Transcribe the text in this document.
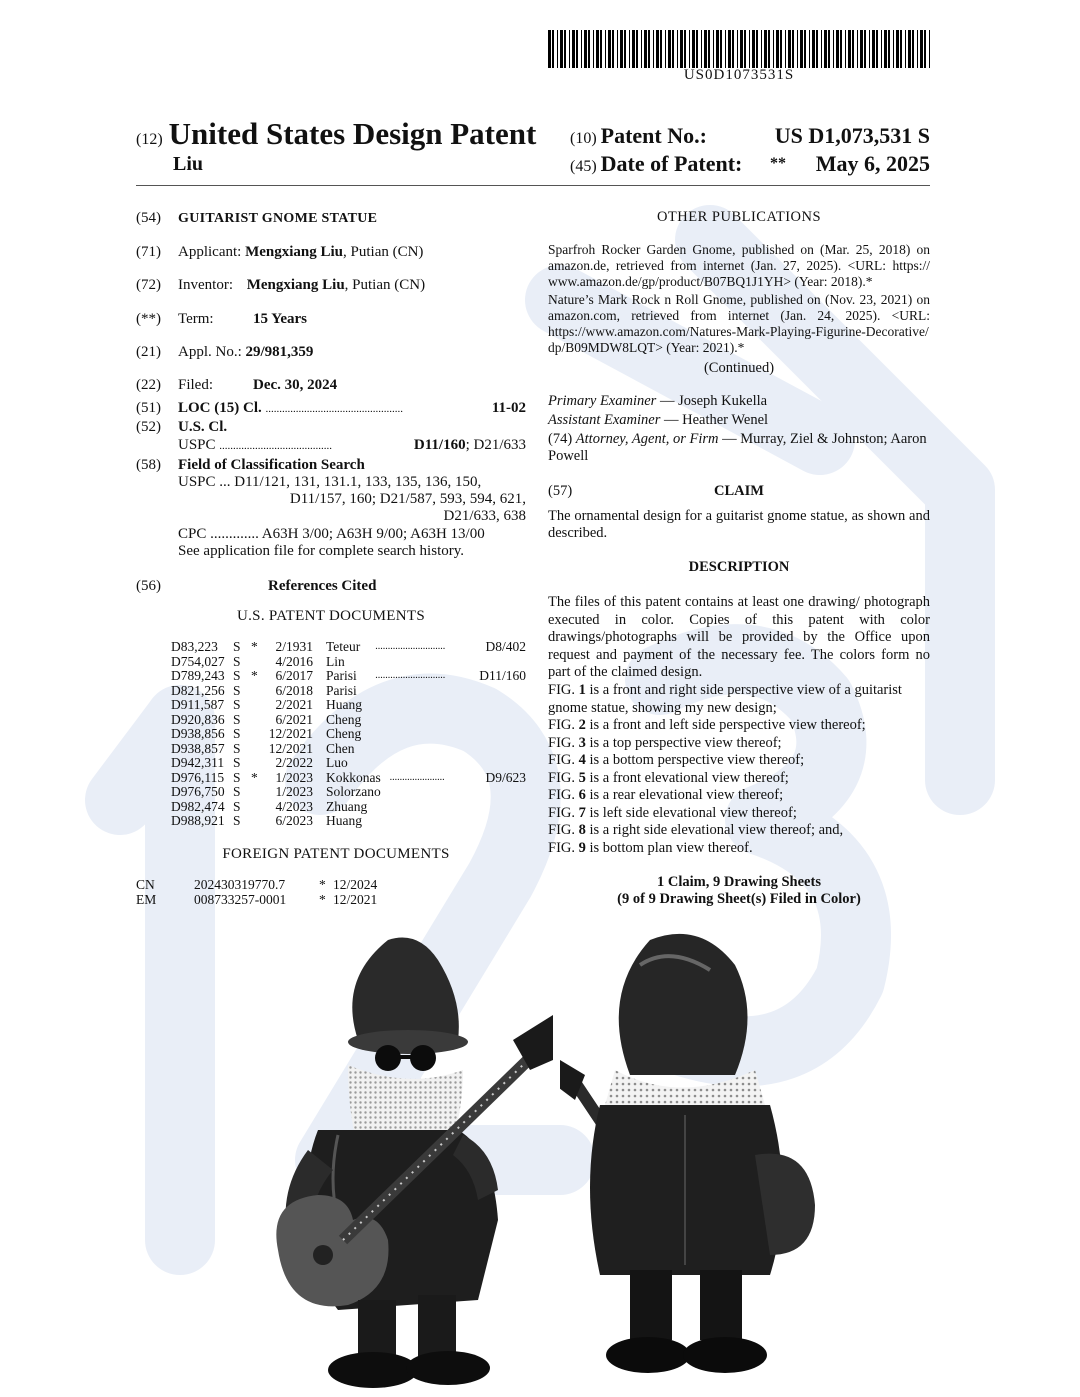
US0D1073531S
(12) United States Design Patent
Liu
(10) Patent No.:	US D1,073,531 S
(45) Date of Patent: ** May 6, 2025
(54) GUITARIST GNOME STATUE
(71) Applicant: Mengxiang Liu, Putian (CN)
(72) Inventor: Mengxiang Liu, Putian (CN)
(**) Term:	15 Years
(21) Appl. No.: 29/981,359
(22) Filed:	Dec. 30, 2024
(51) LOC (15) Cl. ..................................................	11-02
(52) U.S. Cl.
USPC .........................................	D11/160; D21/633
(58) Field of Classification Search
USPC ... D11/121, 131, 131.1, 133, 135, 136, 150,
D11/157, 160; D21/587, 593, 594, 621,
D21/633, 638
CPC ............. A63H 3/00; A63H 9/00; A63H 13/00
See application file for complete search history.
(56)	References Cited
U.S. PATENT DOCUMENTS
D83,223 S *	2/1931 Teteur	D8/402
............................
D754,027 S	4/2016 Lin
D789,243 S *	6/2017 Parisi	D11/160
............................
D821,256 S	6/2018 Parisi
D911,587 S	2/2021 Huang
D920,836 S	6/2021 Cheng
D938,856 S	12/2021 Cheng
D938,857 S	12/2021 Chen
D942,311 S	2/2022 Luo
D976,115 S *	1/2023 Kokkonas	D9/623
......................
D976,750 S	1/2023 Solorzano
D982,474 S	4/2023 Zhuang
D988,921 S	6/2023 Huang
FOREIGN PATENT DOCUMENTS
CN	202430319770.7	* 12/2024
EM	008733257-0001 * 12/2021
OTHER PUBLICATIONS
Sparfroh Rocker Garden Gnome, published on (Mar. 25, 2018) on amazon.de, retrieved from internet (Jan. 27, 2025). <URL: https:// www.amazon.de/gp/product/B07BQ1J1YH> (Year: 2018).*
Nature’s Mark Rock n Roll Gnome, published on (Nov. 23, 2021) on amazon.com, retrieved from internet (Jan. 24, 2025). <URL: https://www.amazon.com/Natures-Mark-Playing-Figurine-Decorative/ dp/B09MDW8LQT> (Year: 2021).*
(Continued)
Primary Examiner — Joseph Kukella
Assistant Examiner — Heather Wenel
(74) Attorney, Agent, or Firm — Murray, Ziel & Johnston; Aaron Powell
(57)	CLAIM
The ornamental design for a guitarist gnome statue, as shown and described.
DESCRIPTION
The files of this patent contains at least one drawing/ photograph executed in color. Copies of this patent with color drawings/photographs will be provided by the Office upon request and payment of the necessary fee. The colors form no part of the claimed design.
FIG. 1 is a front and right side perspective view of a guitarist gnome statue, showing my new design;
FIG. 2 is a front and left side perspective view thereof;
FIG. 3 is a top perspective view thereof;
FIG. 4 is a bottom perspective view thereof;
FIG. 5 is a front elevational view thereof;
FIG. 6 is a rear elevational view thereof;
FIG. 7 is left side elevational view thereof;
FIG. 8 is a right side elevational view thereof; and,
FIG. 9 is bottom plan view thereof.
1 Claim, 9 Drawing Sheets
(9 of 9 Drawing Sheet(s) Filed in Color)
